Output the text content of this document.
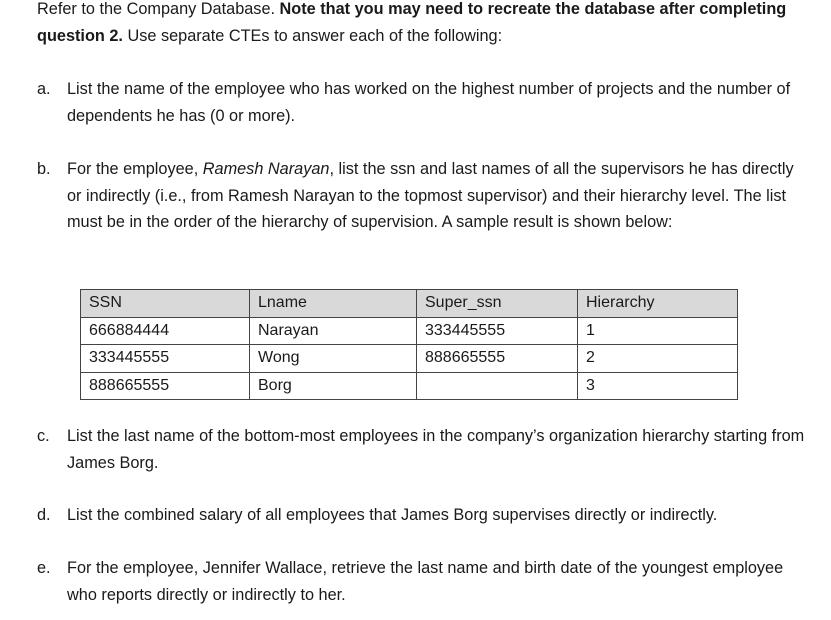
Refer to the Company Database. Note that you may need to recreate the database after completing question 2. Use separate CTEs to answer each of the following:
a.	List the name of the employee who has worked on the highest number of projects and the number of dependents he has (0 or more).
b.	For the employee, Ramesh Narayan, list the ssn and last names of all the supervisors he has directly or indirectly (i.e., from Ramesh Narayan to the topmost supervisor) and their hierarchy level. The list must be in the order of the hierarchy of supervision. A sample result is shown below:
SSN	Lname	Super_ssn	Hierarchy
666884444	Narayan	333445555	1
333445555	Wong	888665555	2
888665555	Borg		3
c.	List the last name of the bottom-most employees in the company’s organization hierarchy starting from James Borg.
d.	List the combined salary of all employees that James Borg supervises directly or indirectly.
e.	For the employee, Jennifer Wallace, retrieve the last name and birth date of the youngest employee who reports directly or indirectly to her.
